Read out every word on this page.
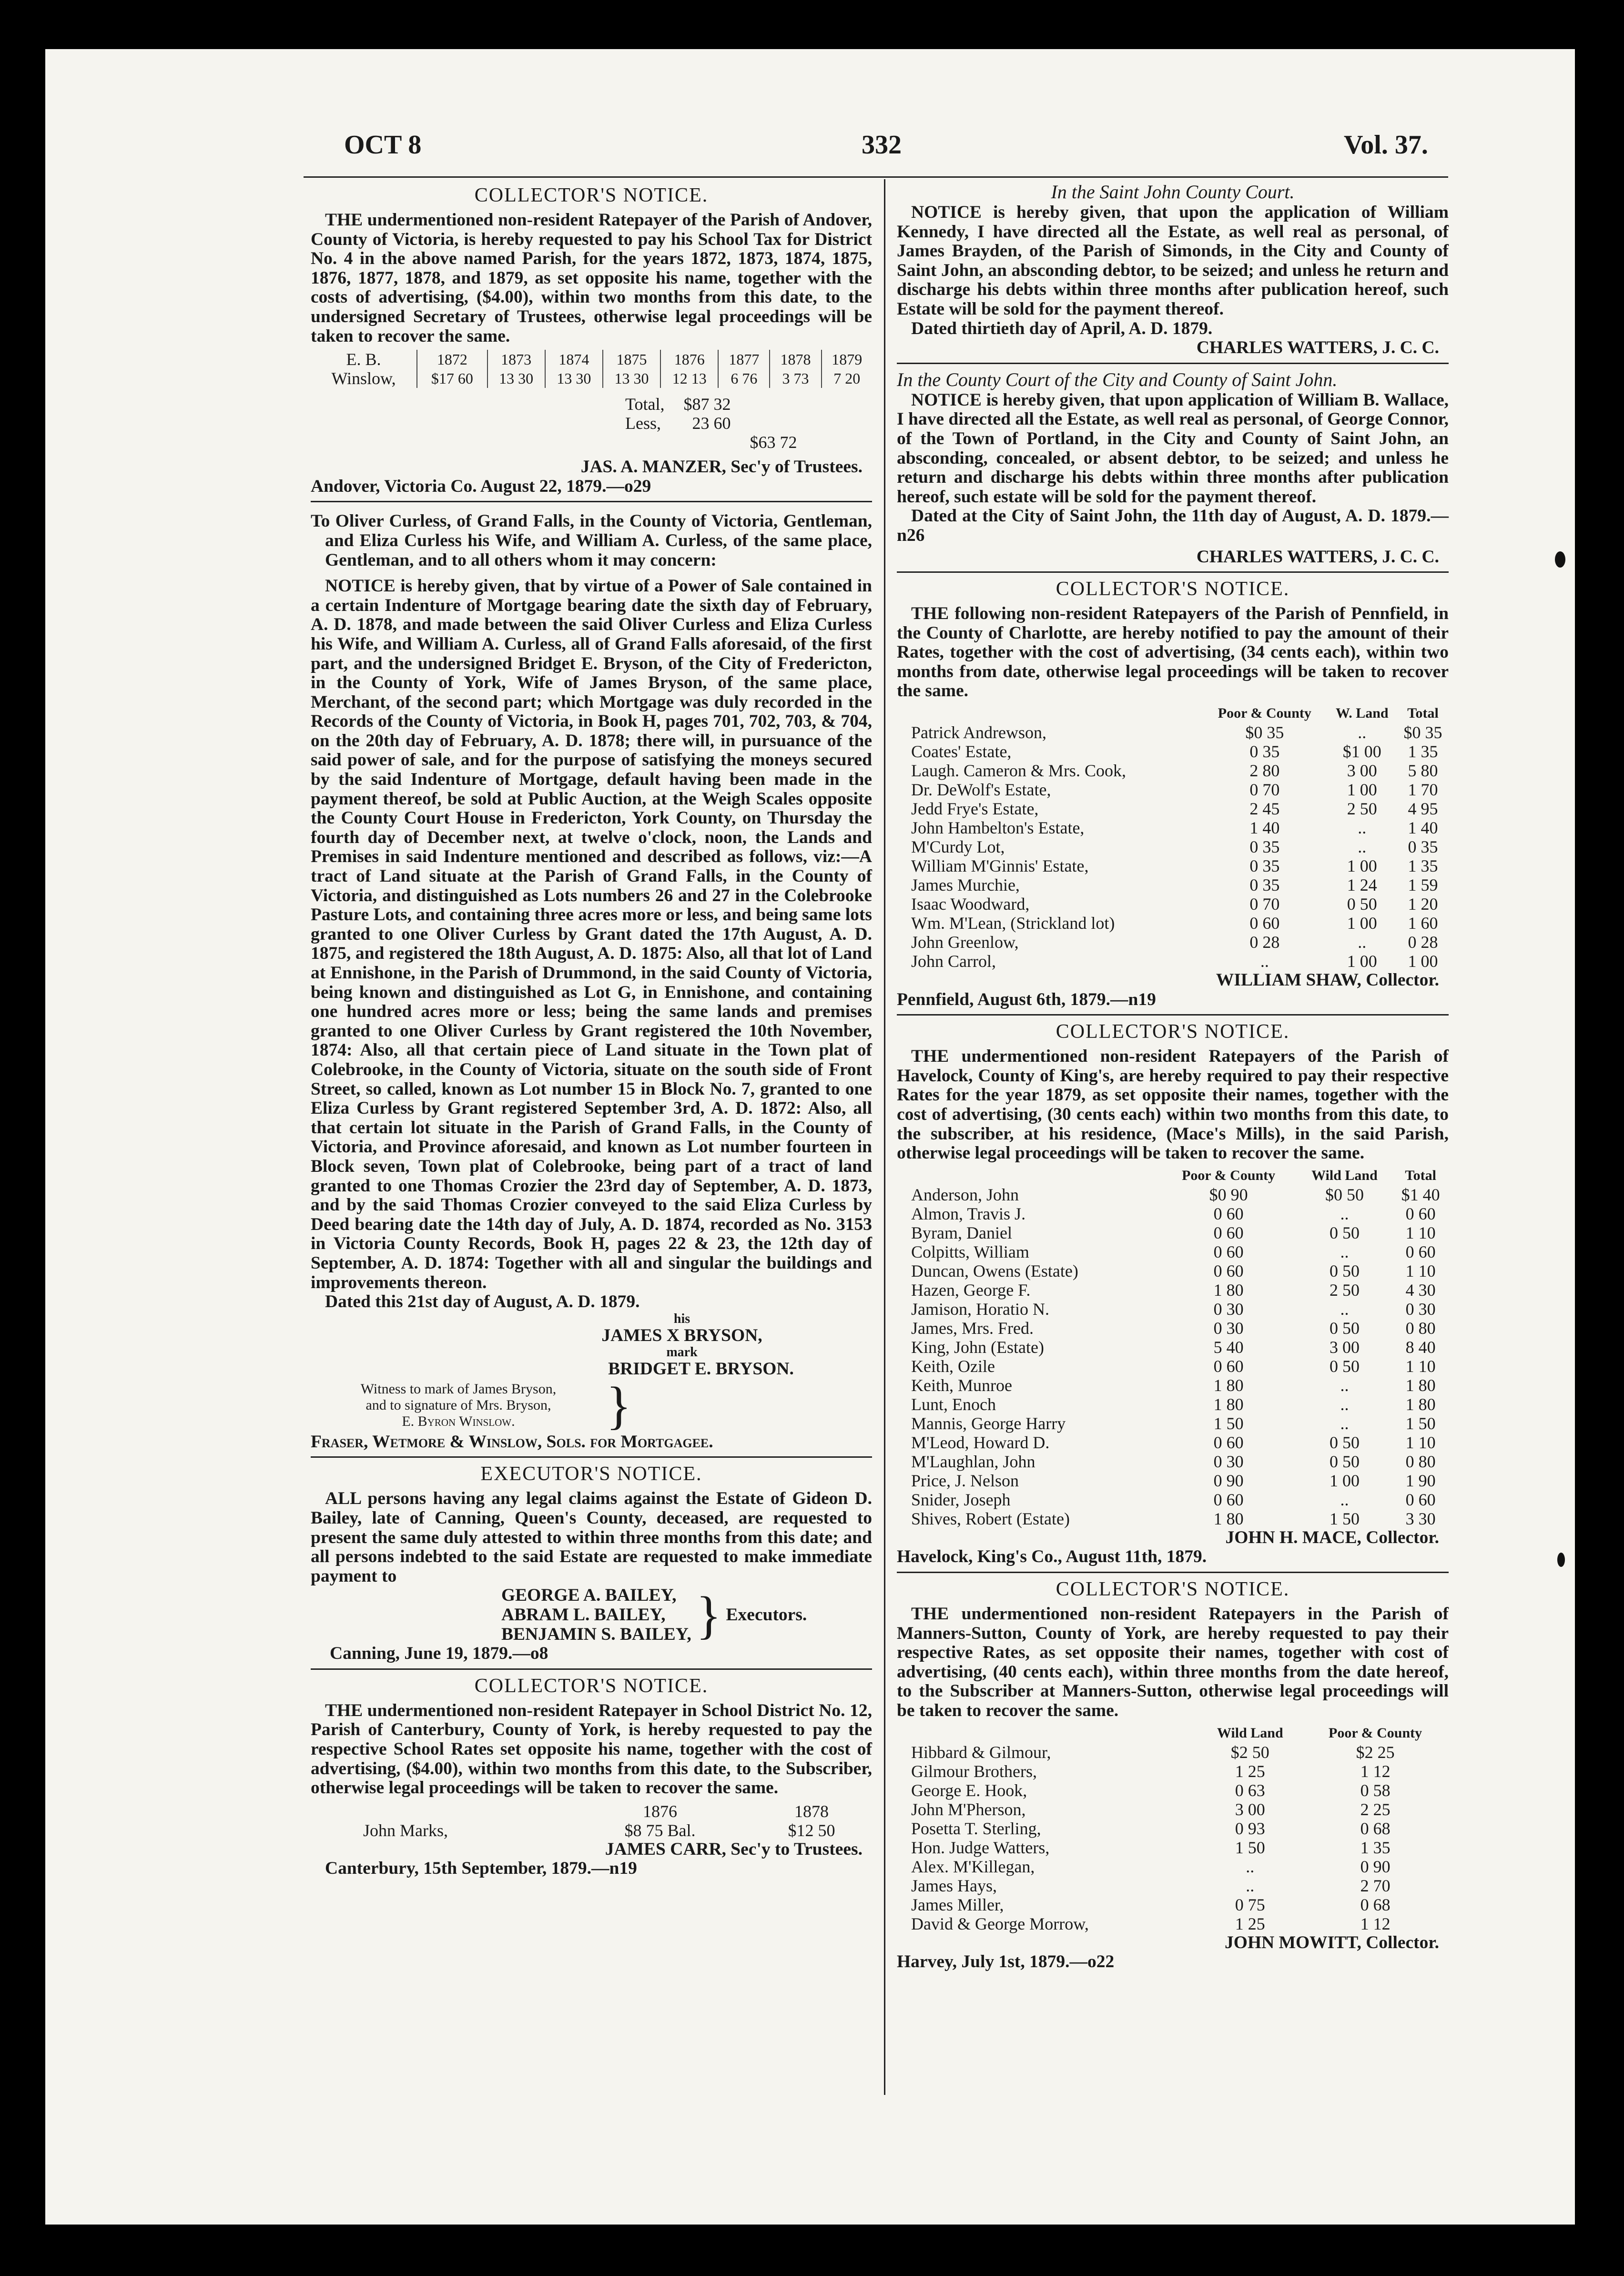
OCT 8	332	Vol. 37.
COLLECTOR'S NOTICE.

THE undermentioned non-resident Ratepayer of the Parish of Andover, County of Victoria, is hereby requested to pay his School Tax for District No. 4 in the above named Parish, for the years 1872, 1873, 1874, 1875, 1876, 1877, 1878, and 1879, as set opposite his name, together with the costs of advertising, ($4.00), within two months from this date, to the undersigned Secretary of Trustees, otherwise legal proceedings will be taken to recover the same.

E. B.	1872	1873	1874	1875	1876	1877	1878	1879
Winslow,	$17 60	13 30	13 30	13 30	12 13	6 76	3 73	7 20
Total,	$87 32	
Less,	23 60	
		$63 72
JAS. A. MANZER, Sec'y of Trustees.
Andover, Victoria Co. August 22, 1879.—o29

To Oliver Curless, of Grand Falls, in the County of Victoria, Gentleman, and Eliza Curless his Wife, and William A. Curless, of the same place, Gentleman, and to all others whom it may concern:

NOTICE is hereby given, that by virtue of a Power of Sale contained in a certain Indenture of Mortgage bearing date the sixth day of February, A. D. 1878, and made between the said Oliver Curless and Eliza Curless his Wife, and William A. Curless, all of Grand Falls aforesaid, of the first part, and the undersigned Bridget E. Bryson, of the City of Fredericton, in the County of York, Wife of James Bryson, of the same place, Merchant, of the second part; which Mortgage was duly recorded in the Records of the County of Victoria, in Book H, pages 701, 702, 703, & 704, on the 20th day of February, A. D. 1878; there will, in pursuance of the said power of sale, and for the purpose of satisfying the moneys secured by the said Indenture of Mortgage, default having been made in the payment thereof, be sold at Public Auction, at the Weigh Scales opposite the County Court House in Fredericton, York County, on Thursday the fourth day of December next, at twelve o'clock, noon, the Lands and Premises in said Indenture mentioned and described as follows, viz:—A tract of Land situate at the Parish of Grand Falls, in the County of Victoria, and distinguished as Lots numbers 26 and 27 in the Colebrooke Pasture Lots, and containing three acres more or less, and being same lots granted to one Oliver Curless by Grant dated the 17th August, A. D. 1875, and registered the 18th August, A. D. 1875: Also, all that lot of Land at Ennishone, in the Parish of Drummond, in the said County of Victoria, being known and distinguished as Lot G, in Ennishone, and containing one hundred acres more or less; being the same lands and premises granted to one Oliver Curless by Grant registered the 10th November, 1874: Also, all that certain piece of Land situate in the Town plat of Colebrooke, in the County of Victoria, situate on the south side of Front Street, so called, known as Lot number 15 in Block No. 7, granted to one Eliza Curless by Grant registered September 3rd, A. D. 1872: Also, all that certain lot situate in the Parish of Grand Falls, in the County of Victoria, and Province aforesaid, and known as Lot number fourteen in Block seven, Town plat of Colebrooke, being part of a tract of land granted to one Thomas Crozier the 23rd day of September, A. D. 1873, and by the said Thomas Crozier conveyed to the said Eliza Curless by Deed bearing date the 14th day of July, A. D. 1874, recorded as No. 3153 in Victoria County Records, Book H, pages 22 & 23, the 12th day of September, A. D. 1874: Together with all and singular the buildings and improvements thereon.

Dated this 21st day of August, A. D. 1879.

his
JAMES X BRYSON,
mark
BRIDGET E. BRYSON.
Witness to mark of James Bryson,
and to signature of Mrs. Bryson,
E. Byron Winslow.	}
Fraser, Wetmore & Winslow, Sols. for Mortgagee.
EXECUTOR'S NOTICE.

ALL persons having any legal claims against the Estate of Gideon D. Bailey, late of Canning, Queen's County, deceased, are requested to present the same duly attested to within three months from this date; and all persons indebted to the said Estate are requested to make immediate payment to

GEORGE A. BAILEY,
ABRAM L. BAILEY,
BENJAMIN S. BAILEY, } Executors.
Canning, June 19, 1879.—o8
COLLECTOR'S NOTICE.

THE undermentioned non-resident Ratepayer in School District No. 12, Parish of Canterbury, County of York, is hereby requested to pay the respective School Rates set opposite his name, together with the cost of advertising, ($4.00), within two months from this date, to the Subscriber, otherwise legal proceedings will be taken to recover the same.

	1876	1878
John Marks,	$8 75 Bal.	$12 50
JAMES CARR, Sec'y to Trustees.
Canterbury, 15th September, 1879.—n19
In the Saint John County Court.

NOTICE is hereby given, that upon the application of William Kennedy, I have directed all the Estate, as well real as personal, of James Brayden, of the Parish of Simonds, in the City and County of Saint John, an absconding debtor, to be seized; and unless he return and discharge his debts within three months after publication hereof, such Estate will be sold for the payment thereof.

Dated thirtieth day of April, A. D. 1879.

CHARLES WATTERS, J. C. C.
In the County Court of the City and County of Saint John.

NOTICE is hereby given, that upon application of William B. Wallace, I have directed all the Estate, as well real as personal, of George Connor, of the Town of Portland, in the City and County of Saint John, an absconding, concealed, or absent debtor, to be seized; and unless he return and discharge his debts within three months after publication hereof, such estate will be sold for the payment thereof.

Dated at the City of Saint John, the 11th day of August, A. D. 1879.—n26

CHARLES WATTERS, J. C. C.
COLLECTOR'S NOTICE.

THE following non-resident Ratepayers of the Parish of Pennfield, in the County of Charlotte, are hereby notified to pay the amount of their Rates, together with the cost of advertising, (34 cents each), within two months from date, otherwise legal proceedings will be taken to recover the same.

	Poor & County	W. Land	Total
Patrick Andrewson,	$0 35	..	$0 35
Coates' Estate,	0 35	$1 00	1 35
Laugh. Cameron & Mrs. Cook,	2 80	3 00	5 80
Dr. DeWolf's Estate,	0 70	1 00	1 70
Jedd Frye's Estate,	2 45	2 50	4 95
John Hambelton's Estate,	1 40	..	1 40
M'Curdy Lot,	0 35	..	0 35
William M'Ginnis' Estate,	0 35	1 00	1 35
James Murchie,	0 35	1 24	1 59
Isaac Woodward,	0 70	0 50	1 20
Wm. M'Lean, (Strickland lot)	0 60	1 00	1 60
John Greenlow,	0 28	..	0 28
John Carrol,	..	1 00	1 00
WILLIAM SHAW, Collector.
Pennfield, August 6th, 1879.—n19
COLLECTOR'S NOTICE.

THE undermentioned non-resident Ratepayers of the Parish of Havelock, County of King's, are hereby required to pay their respective Rates for the year 1879, as set opposite their names, together with the cost of advertising, (30 cents each) within two months from this date, to the subscriber, at his residence, (Mace's Mills), in the said Parish, otherwise legal proceedings will be taken to recover the same.

	Poor & County	Wild Land	Total
Anderson, John	$0 90	$0 50	$1 40
Almon, Travis J.	0 60	..	0 60
Byram, Daniel	0 60	0 50	1 10
Colpitts, William	0 60	..	0 60
Duncan, Owens (Estate)	0 60	0 50	1 10
Hazen, George F.	1 80	2 50	4 30
Jamison, Horatio N.	0 30	..	0 30
James, Mrs. Fred.	0 30	0 50	0 80
King, John (Estate)	5 40	3 00	8 40
Keith, Ozile	0 60	0 50	1 10
Keith, Munroe	1 80	..	1 80
Lunt, Enoch	1 80	..	1 80
Mannis, George Harry	1 50	..	1 50
M'Leod, Howard D.	0 60	0 50	1 10
M'Laughlan, John	0 30	0 50	0 80
Price, J. Nelson	0 90	1 00	1 90
Snider, Joseph	0 60	..	0 60
Shives, Robert (Estate)	1 80	1 50	3 30
JOHN H. MACE, Collector.
Havelock, King's Co., August 11th, 1879.
COLLECTOR'S NOTICE.

THE undermentioned non-resident Ratepayers in the Parish of Manners-Sutton, County of York, are hereby requested to pay their respective Rates, as set opposite their names, together with cost of advertising, (40 cents each), within three months from the date hereof, to the Subscriber at Manners-Sutton, otherwise legal proceedings will be taken to recover the same.

	Wild Land	Poor & County
Hibbard & Gilmour,	$2 50	$2 25
Gilmour Brothers,	1 25	1 12
George E. Hook,	0 63	0 58
John M'Pherson,	3 00	2 25
Posetta T. Sterling,	0 93	0 68
Hon. Judge Watters,	1 50	1 35
Alex. M'Killegan,	..	0 90
James Hays,	..	2 70
James Miller,	0 75	0 68
David & George Morrow,	1 25	1 12
JOHN MOWITT, Collector.
Harvey, July 1st, 1879.—o22
